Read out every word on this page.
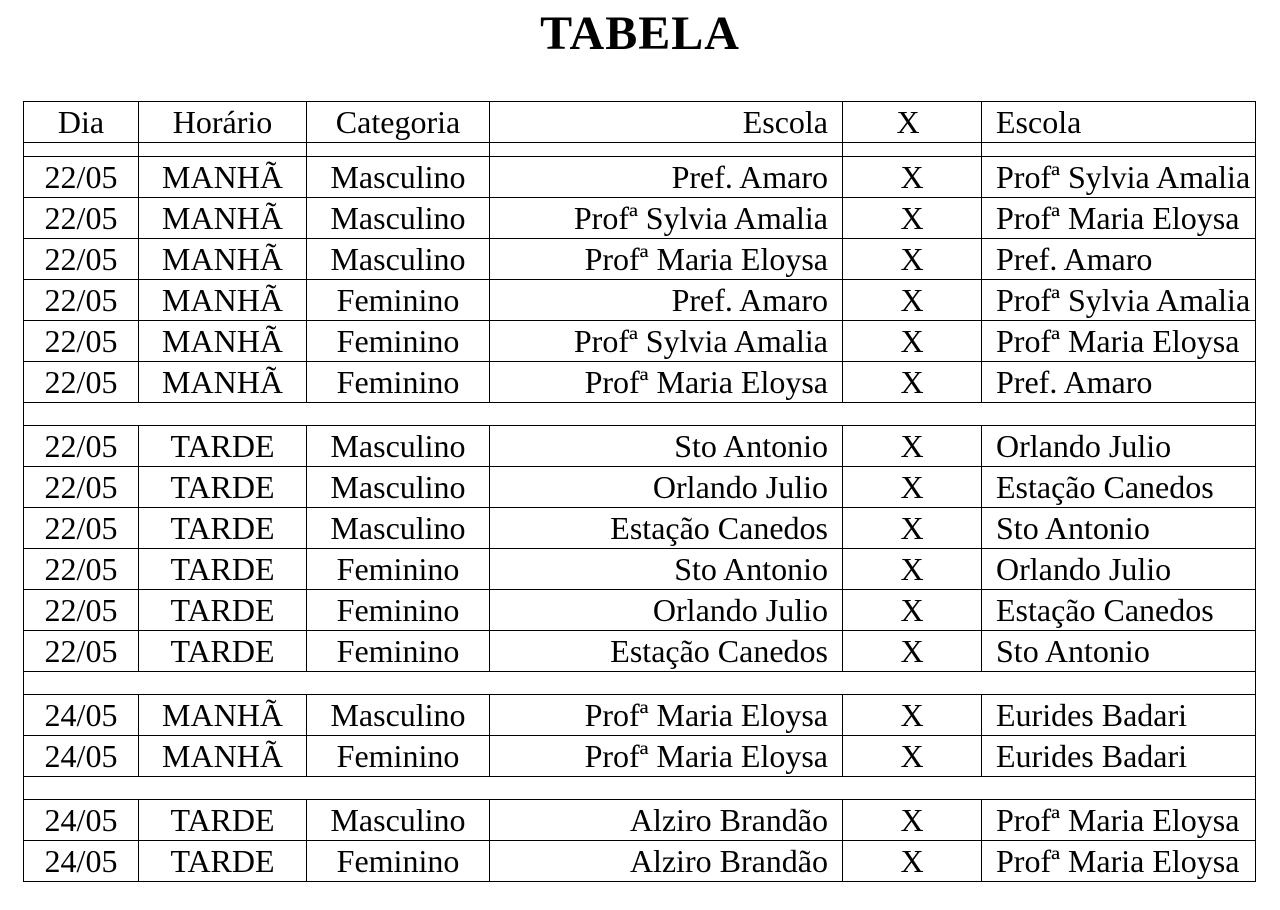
TABELA
Dia	Horário	Categoria	Escola	X	Escola

22/05	MANHÃ	Masculino	Pref. Amaro	X	Profª Sylvia Amalia
22/05	MANHÃ	Masculino	Profª Sylvia Amalia	X	Profª Maria Eloysa
22/05	MANHÃ	Masculino	Profª Maria Eloysa	X	Pref. Amaro
22/05	MANHÃ	Feminino	Pref. Amaro	X	Profª Sylvia Amalia
22/05	MANHÃ	Feminino	Profª Sylvia Amalia	X	Profª Maria Eloysa
22/05	MANHÃ	Feminino	Profª Maria Eloysa	X	Pref. Amaro

22/05	TARDE	Masculino	Sto Antonio	X	Orlando Julio
22/05	TARDE	Masculino	Orlando Julio	X	Estação Canedos
22/05	TARDE	Masculino	Estação Canedos	X	Sto Antonio
22/05	TARDE	Feminino	Sto Antonio	X	Orlando Julio
22/05	TARDE	Feminino	Orlando Julio	X	Estação Canedos
22/05	TARDE	Feminino	Estação Canedos	X	Sto Antonio

24/05	MANHÃ	Masculino	Profª Maria Eloysa	X	Eurides Badari
24/05	MANHÃ	Feminino	Profª Maria Eloysa	X	Eurides Badari

24/05	TARDE	Masculino	Alziro Brandão	X	Profª Maria Eloysa
24/05	TARDE	Feminino	Alziro Brandão	X	Profª Maria Eloysa
